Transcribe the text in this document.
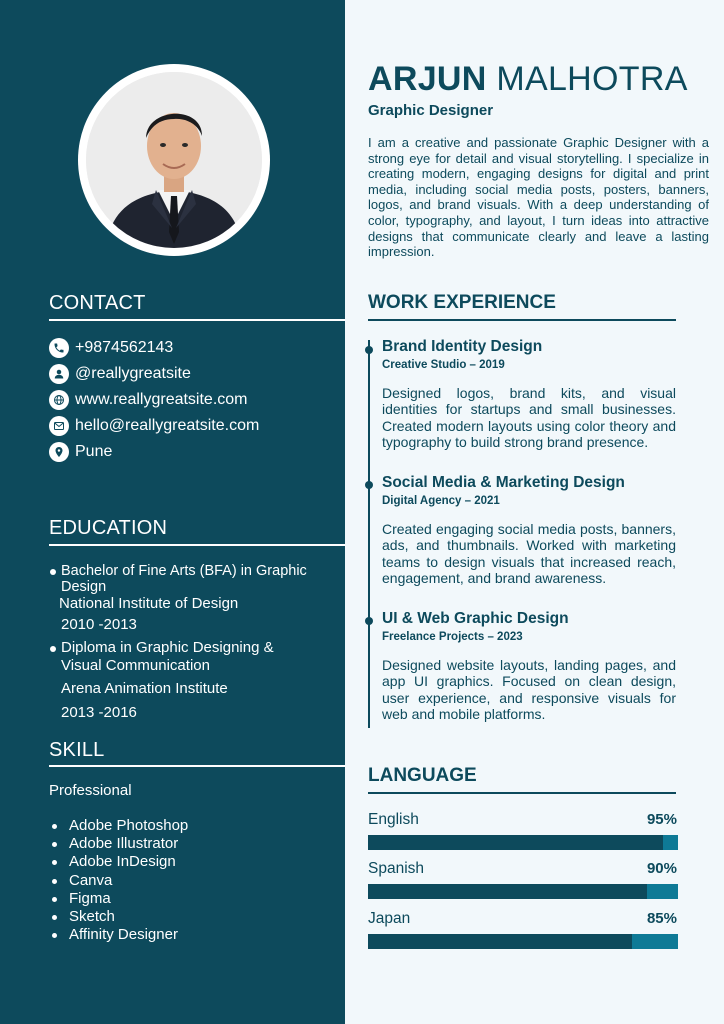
CONTACT
+9874562143
@reallygreatsite
www.reallygreatsite.com
hello@reallygreatsite.com
Pune
EDUCATION
Bachelor of Fine Arts (BFA) in Graphic
Design
National Institute of Design
2010 -2013
Diploma in Graphic Designing &
Visual Communication
Arena Animation Institute
2013 -2016
SKILL
Professional
Adobe Photoshop
Adobe Illustrator
Adobe InDesign
Canva
Figma
Sketch
Affinity Designer
ARJUN MALHOTRA
Graphic Designer
I am a creative and passionate Graphic Designer with a strong eye for detail and visual storytelling. I specialize in creating modern, engaging designs for digital and print media, including social media posts, posters, banners, logos, and brand visuals. With a deep understanding of color, typography, and layout, I turn ideas into attractive designs that communicate clearly and leave a lasting impression.
WORK EXPERIENCE
Brand Identity Design
Creative Studio – 2019
Designed logos, brand kits, and visual identities for startups and small businesses. Created modern layouts using color theory and typography to build strong brand presence.
Social Media & Marketing Design
Digital Agency – 2021
Created engaging social media posts, banners, ads, and thumbnails. Worked with marketing teams to design visuals that increased reach, engagement, and brand awareness.
UI & Web Graphic Design
Freelance Projects – 2023
Designed website layouts, landing pages, and app UI graphics. Focused on clean design, user experience, and responsive visuals for web and mobile platforms.
LANGUAGE
English	95%
Spanish	90%
Japan	85%
